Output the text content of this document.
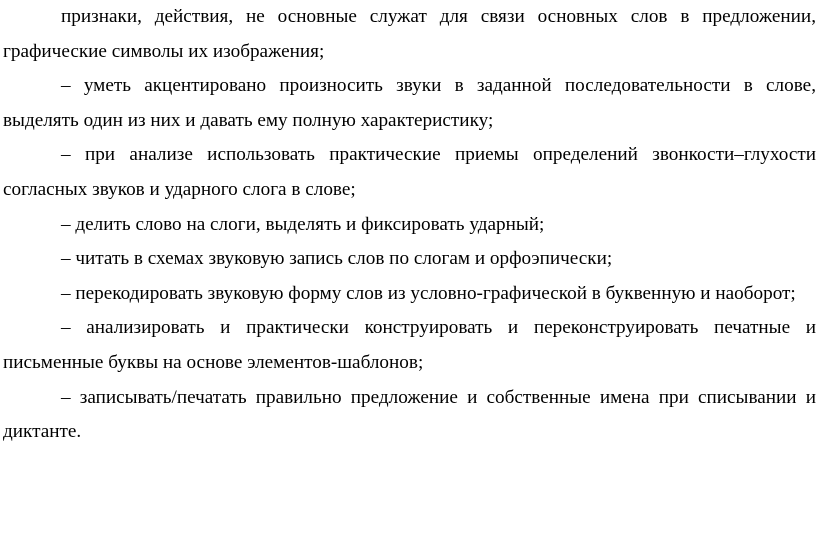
признаки, действия, не основные служат для связи основных слов в предложении, графические символы их изображения;

– уметь акцентировано произносить звуки в заданной последовательности в слове, выделять один из них и давать ему полную характеристику;

– при анализе использовать практические приемы определений звонкости–глухости согласных звуков и ударного слога в слове;

– делить слово на слоги, выделять и фиксировать ударный;

– читать в схемах звуковую запись слов по слогам и орфоэпически;

– перекодировать звуковую форму слов из условно-графической в буквенную и наоборот;

– анализировать и практически конструировать и переконструировать печатные и письменные буквы на основе элементов-шаблонов;

– записывать/печатать правильно предложение и собственные имена при списывании и диктанте.
